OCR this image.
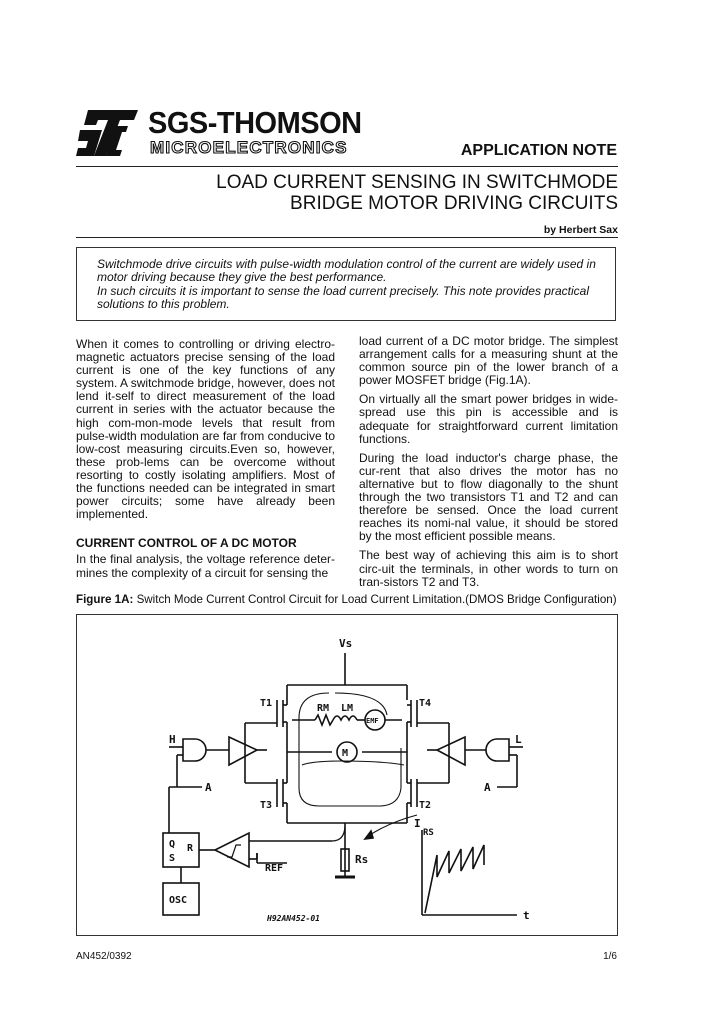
SGS-THOMSON
MICROELECTRONICS	APPLICATION NOTE
LOAD CURRENT SENSING IN SWITCHMODE
BRIDGE MOTOR DRIVING CIRCUITS
by Herbert Sax
Switchmode drive circuits with pulse-width modulation control of the current are widely used in motor driving because they give the best performance.
In such circuits it is important to sense the load current precisely. This note provides practical solutions to this problem.

When it comes to controlling or driving electro-magnetic actuators precise sensing of the load current is one of the key functions of any system. A switchmode bridge, however, does not lend it-self to direct measurement of the load current in series with the actuator because the high com-mon-mode levels that result from pulse-width modulation are far from conducive to low-cost measuring circuits.Even so, however, these prob-lems can be overcome without resorting to costly isolating amplifiers. Most of the functions needed can be integrated in smart power circuits; some have already been implemented.

CURRENT CONTROL OF A DC MOTOR

In the final analysis, the voltage reference deter-mines the complexity of a circuit for sensing the

load current of a DC motor bridge. The simplest arrangement calls for a measuring shunt at the common source pin of the lower branch of a power MOSFET bridge (Fig.1A).

On virtually all the smart power bridges in wide-spread use this pin is accessible and is adequate for straightforward current limitation functions.

During the load inductor's charge phase, the cur-rent that also drives the motor has no alternative but to flow diagonally to the shunt through the two transistors T1 and T2 and can therefore be sensed. Once the load current reaches its nomi-nal value, it should be stored by the most efficient possible means.

The best way of achieving this aim is to short circ-uit the terminals, in other words to turn on tran-sistors T2 and T3.

Figure 1A: Switch Mode Current Control Circuit for Load Current Limitation.(DMOS Bridge Configuration)
Vs
T1
T3
T4
T2
M
EMF
RM LM
H
A
L
A
Q
S
R
REF
Rs
OSC
I
RS
t
H92AN452-01
AN452/0392	1/6
